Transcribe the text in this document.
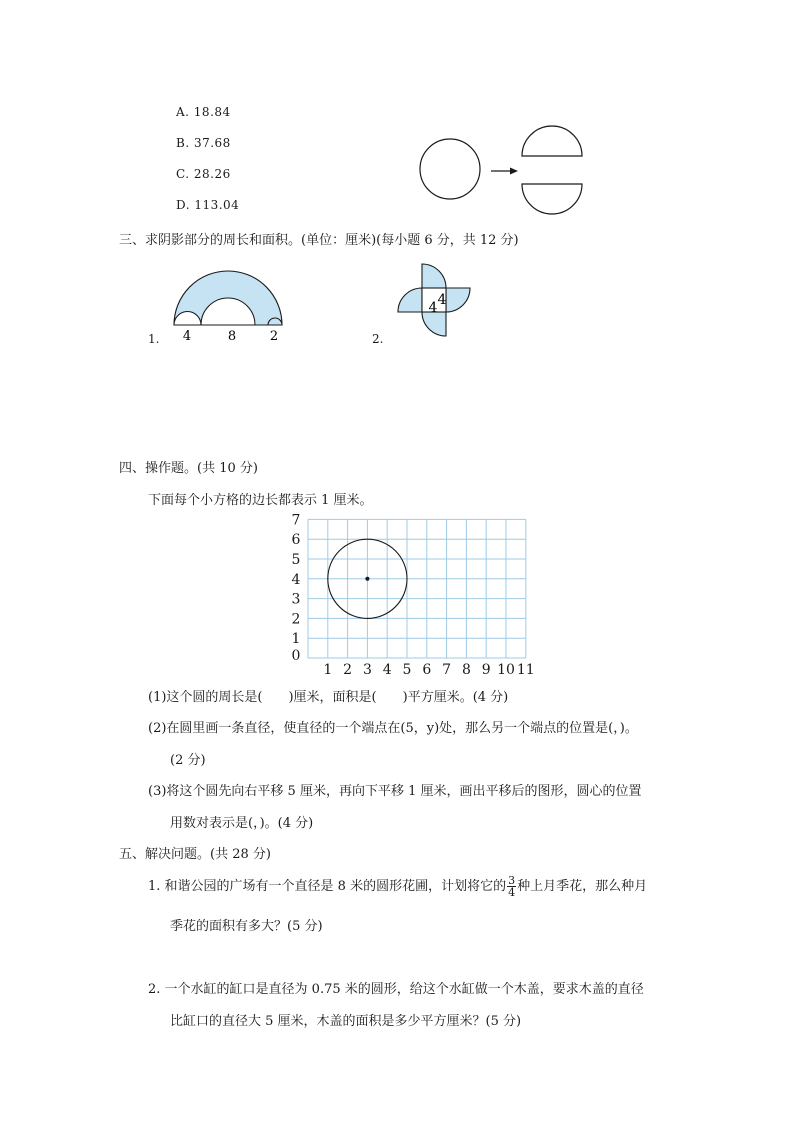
A. 18.84
B. 37.68
C. 28.26
D. 113.04
三、求阴影部分的周长和面积。(单位：厘米)(每小题 6 分，共 12 分)
1. 4	8	2	2.
4 4
四、操作题。(共 10 分)
下面每个小方格的边长都表示 1 厘米。
1 2 3 4 5 6 7 8 9 10 11
0
1
2
3
4
5
6
7
(1)这个圆的周长是(　　)厘米，面积是(　　)平方厘米。(4 分)
(2)在圆里画一条直径，使直径的一个端点在(5，y)处，那么另一个端点的位置是(，)。
(2 分)
(3)将这个圆先向右平移 5 厘米，再向下平移 1 厘米，画出平移后的图形，圆心的位置
用数对表示是(，)。(4 分)
五、解决问题。(共 28 分)
1. 和谐公园的广场有一个直径是 8 米的圆形花圃，计划将它的 $\frac{3}{4}$ 种上月季花，那么种月
季花的面积有多大？(5 分)
2. 一个水缸的缸口是直径为 0.75 米的圆形，给这个水缸做一个木盖，要求木盖的直径
比缸口的直径大 5 厘米，木盖的面积是多少平方厘米？(5 分)
